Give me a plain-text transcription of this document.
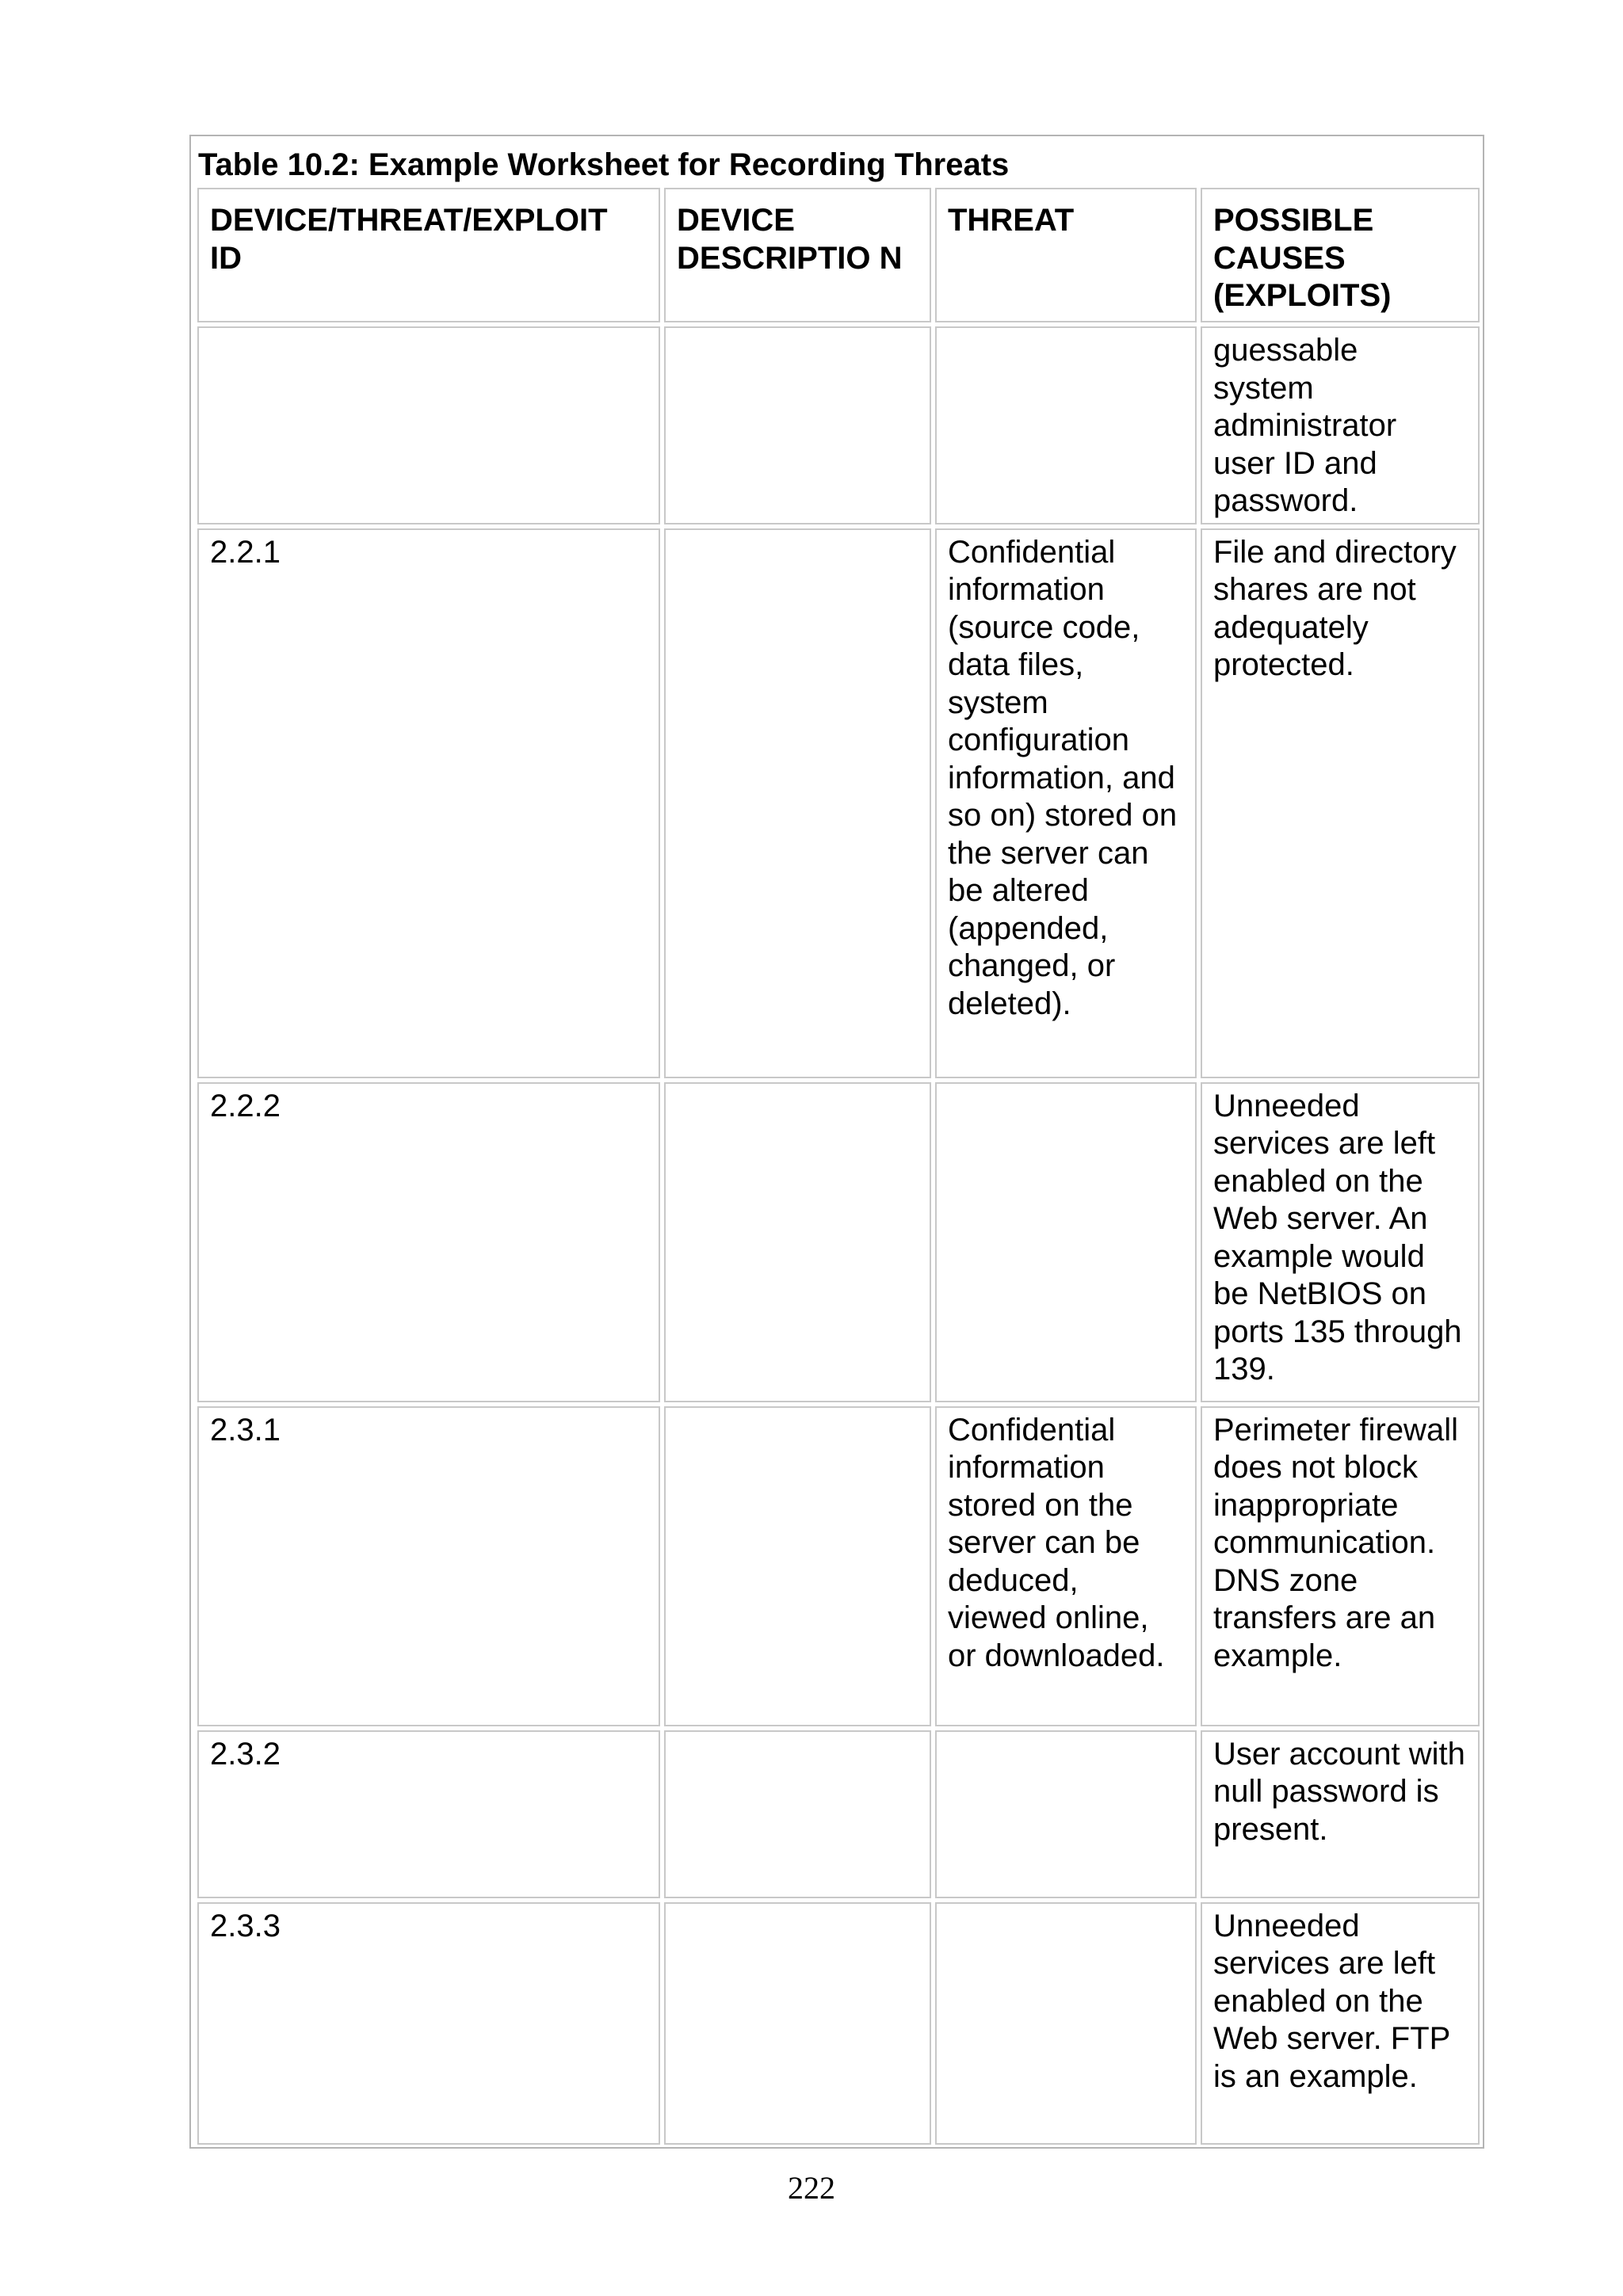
Table 10.2: Example Worksheet for Recording Threats
DEVICE/THREAT/EXPLOIT ID	DEVICE DESCRIPTIO N	THREAT	POSSIBLE CAUSES (EXPLOITS)
			guessable system administrator user ID and password.
2.2.1		Confidential information (source code, data files, system configuration information, and so on) stored on the server can be altered (appended, changed, or deleted).	File and directory shares are not adequately protected.
2.2.2			Unneeded services are left enabled on the Web server. An example would be NetBIOS on ports 135 through 139.
2.3.1		Confidential information stored on the server can be deduced, viewed online, or downloaded.	Perimeter firewall does not block inappropriate communication. DNS zone transfers are an example.
2.3.2			User account with null password is present.
2.3.3			Unneeded services are left enabled on the Web server. FTP is an example.
222
